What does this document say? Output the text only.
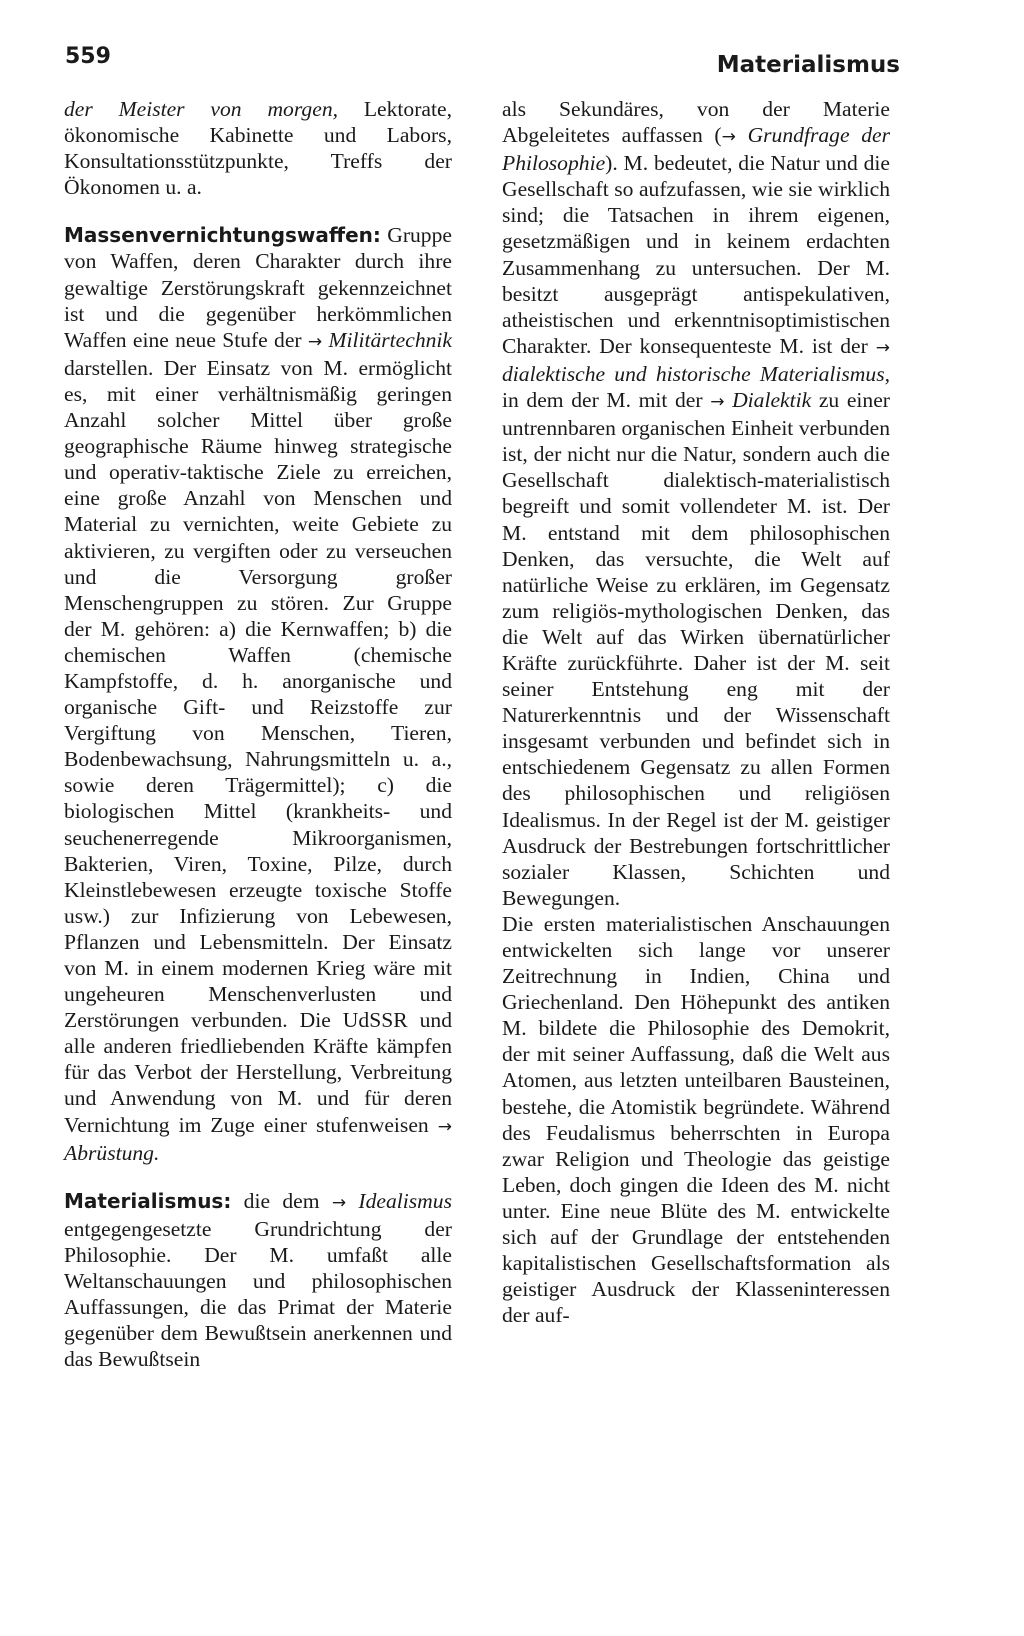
559	Materialismus

der Meister von morgen, Lektorate, ökonomische Kabinette und Labors, Konsultationsstützpunkte, Treffs der Ökonomen u. a.

Massenvernichtungswaffen: Gruppe von Waffen, deren Charakter durch ihre gewaltige Zerstörungskraft gekennzeichnet ist und die gegenüber herkömmlichen Waffen eine neue Stufe der → Militärtechnik darstellen. Der Einsatz von M. ermöglicht es, mit einer verhältnismäßig geringen Anzahl solcher Mittel über große geographische Räume hinweg strategische und operativ-taktische Ziele zu erreichen, eine große Anzahl von Menschen und Material zu vernichten, weite Gebiete zu aktivieren, zu vergiften oder zu verseuchen und die Versorgung großer Menschengruppen zu stören. Zur Gruppe der M. gehören: a) die Kernwaffen; b) die chemischen Waffen (chemische Kampfstoffe, d. h. anorganische und organische Gift- und Reizstoffe zur Vergiftung von Menschen, Tieren, Bodenbewachsung, Nahrungsmitteln u. a., sowie deren Trägermittel); c) die biologischen Mittel (krankheits- und seuchenerregende Mikroorganismen, Bakterien, Viren, Toxine, Pilze, durch Kleinstlebewesen erzeugte toxische Stoffe usw.) zur Infizierung von Lebewesen, Pflanzen und Lebensmitteln. Der Einsatz von M. in einem modernen Krieg wäre mit ungeheuren Menschenverlusten und Zerstörungen verbunden. Die UdSSR und alle anderen friedliebenden Kräfte kämpfen für das Verbot der Herstellung, Verbreitung und Anwendung von M. und für deren Vernichtung im Zuge einer stufenweisen → Abrüstung.

Materialismus: die dem → Idealismus entgegengesetzte Grundrichtung der Philosophie. Der M. umfaßt alle Weltanschauungen und philosophischen Auffassungen, die das Primat der Materie gegenüber dem Bewußtsein anerkennen und das Bewußtsein

als Sekundäres, von der Materie Abgeleitetes auffassen (→ Grundfrage der Philosophie). M. bedeutet, die Natur und die Gesellschaft so aufzufassen, wie sie wirklich sind; die Tatsachen in ihrem eigenen, gesetzmäßigen und in keinem erdachten Zusammenhang zu untersuchen. Der M. besitzt ausgeprägt antispekulativen, atheistischen und erkenntnisoptimistischen Charakter. Der konsequenteste M. ist der → dialektische und historische Materialismus, in dem der M. mit der → Dialektik zu einer untrennbaren organischen Einheit verbunden ist, der nicht nur die Natur, sondern auch die Gesellschaft dialektisch-materialistisch begreift und somit vollendeter M. ist. Der M. entstand mit dem philosophischen Denken, das versuchte, die Welt auf natürliche Weise zu erklären, im Gegensatz zum religiös-mythologischen Denken, das die Welt auf das Wirken übernatürlicher Kräfte zurückführte. Daher ist der M. seit seiner Entstehung eng mit der Naturerkenntnis und der Wissenschaft insgesamt verbunden und befindet sich in entschiedenem Gegensatz zu allen Formen des philosophischen und religiösen Idealismus. In der Regel ist der M. geistiger Ausdruck der Bestrebungen fortschrittlicher sozialer Klassen, Schichten und Bewegungen.

Die ersten materialistischen Anschauungen entwickelten sich lange vor unserer Zeitrechnung in Indien, China und Griechenland. Den Höhepunkt des antiken M. bildete die Philosophie des Demokrit, der mit seiner Auffassung, daß die Welt aus Atomen, aus letzten unteilbaren Bausteinen, bestehe, die Atomistik begründete. Während des Feudalismus beherrschten in Europa zwar Religion und Theologie das geistige Leben, doch gingen die Ideen des M. nicht unter. Eine neue Blüte des M. entwickelte sich auf der Grundlage der entstehenden kapitalistischen Gesellschaftsformation als geistiger Ausdruck der Klasseninteressen der auf-
